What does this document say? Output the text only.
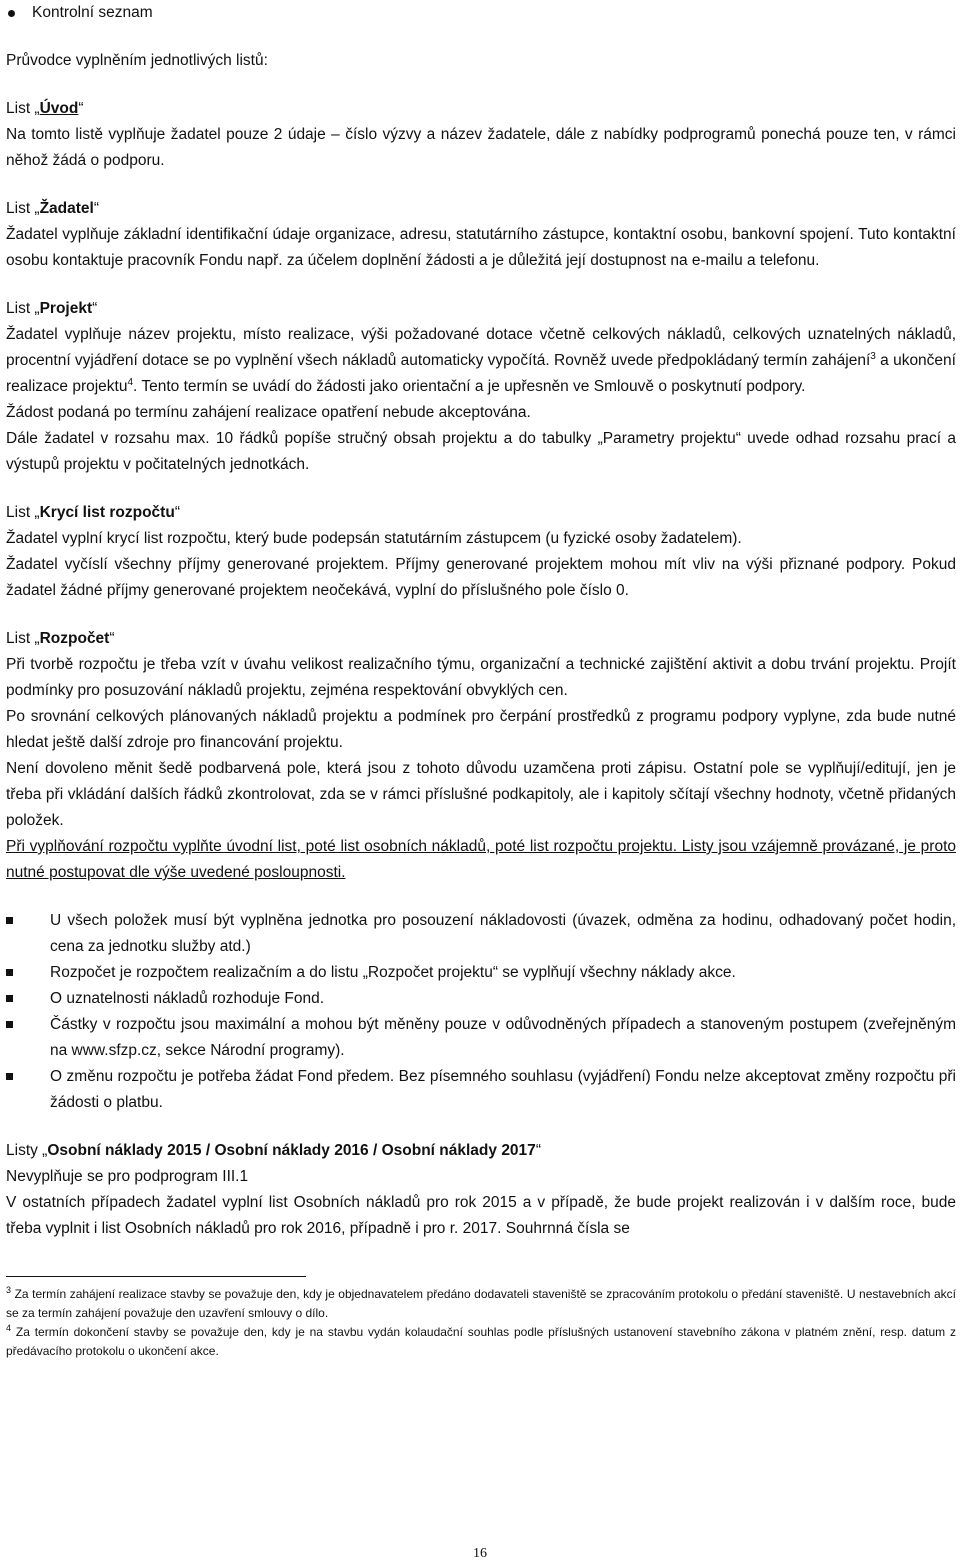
Kontrolní seznam

Průvodce vyplněním jednotlivých listů:

List „Úvod“

Na tomto listě vyplňuje žadatel pouze 2 údaje – číslo výzvy a název žadatele, dále z nabídky podprogramů ponechá pouze ten, v rámci něhož žádá o podporu.

List „Žadatel“

Žadatel vyplňuje základní identifikační údaje organizace, adresu, statutárního zástupce, kontaktní osobu, bankovní spojení. Tuto kontaktní osobu kontaktuje pracovník Fondu např. za účelem doplnění žádosti a je důležitá její dostupnost na e-mailu a telefonu.

List „Projekt“

Žadatel vyplňuje název projektu, místo realizace, výši požadované dotace včetně celkových nákladů, celkových uznatelných nákladů, procentní vyjádření dotace se po vyplnění všech nákladů automaticky vypočítá. Rovněž uvede předpokládaný termín zahájení$^3$ a ukončení realizace projektu$^4$. Tento termín se uvádí do žádosti jako orientační a je upřesněn ve Smlouvě o poskytnutí podpory.

Žádost podaná po termínu zahájení realizace opatření nebude akceptována.

Dále žadatel v rozsahu max. 10 řádků popíše stručný obsah projektu a do tabulky „Parametry projektu“ uvede odhad rozsahu prací a výstupů projektu v počitatelných jednotkách.

List „Krycí list rozpočtu“

Žadatel vyplní krycí list rozpočtu, který bude podepsán statutárním zástupcem (u fyzické osoby žadatelem).

Žadatel vyčíslí všechny příjmy generované projektem. Příjmy generované projektem mohou mít vliv na výši přiznané podpory. Pokud žadatel žádné příjmy generované projektem neočekává, vyplní do příslušného pole číslo 0.

List „Rozpočet“

Při tvorbě rozpočtu je třeba vzít v úvahu velikost realizačního týmu, organizační a technické zajištění aktivit a dobu trvání projektu. Projít podmínky pro posuzování nákladů projektu, zejména respektování obvyklých cen.

Po srovnání celkových plánovaných nákladů projektu a podmínek pro čerpání prostředků z programu podpory vyplyne, zda bude nutné hledat ještě další zdroje pro financování projektu.

Není dovoleno měnit šedě podbarvená pole, která jsou z tohoto důvodu uzamčena proti zápisu. Ostatní pole se vyplňují/editují, jen je třeba při vkládání dalších řádků zkontrolovat, zda se v rámci příslušné podkapitoly, ale i kapitoly sčítají všechny hodnoty, včetně přidaných položek.

Při vyplňování rozpočtu vyplňte úvodní list, poté list osobních nákladů, poté list rozpočtu projektu. Listy jsou vzájemně provázané, je proto nutné postupovat dle výše uvedené posloupnosti.

U všech položek musí být vyplněna jednotka pro posouzení nákladovosti (úvazek, odměna za hodinu, odhadovaný počet hodin, cena za jednotku služby atd.)

Rozpočet je rozpočtem realizačním a do listu „Rozpočet projektu“ se vyplňují všechny náklady akce.

O uznatelnosti nákladů rozhoduje Fond.

Částky v rozpočtu jsou maximální a mohou být měněny pouze v odůvodněných případech a stanoveným postupem (zveřejněným na www.sfzp.cz, sekce Národní programy).

O změnu rozpočtu je potřeba žádat Fond předem. Bez písemného souhlasu (vyjádření) Fondu nelze akceptovat změny rozpočtu při žádosti o platbu.

Listy „Osobní náklady 2015 / Osobní náklady 2016 / Osobní náklady 2017“

Nevyplňuje se pro podprogram III.1

V ostatních případech žadatel vyplní list Osobních nákladů pro rok 2015 a v případě, že bude projekt realizován i v dalším roce, bude třeba vyplnit i list Osobních nákladů pro rok 2016, případně i pro r. 2017. Souhrnná čísla se

$^3$ Za termín zahájení realizace stavby se považuje den, kdy je objednavatelem předáno dodavateli staveniště se zpracováním protokolu o předání staveniště. U nestavebních akcí se za termín zahájení považuje den uzavření smlouvy o dílo.

$^4$ Za termín dokončení stavby se považuje den, kdy je na stavbu vydán kolaudační souhlas podle příslušných ustanovení stavebního zákona v platném znění, resp. datum z předávacího protokolu o ukončení akce.

16
